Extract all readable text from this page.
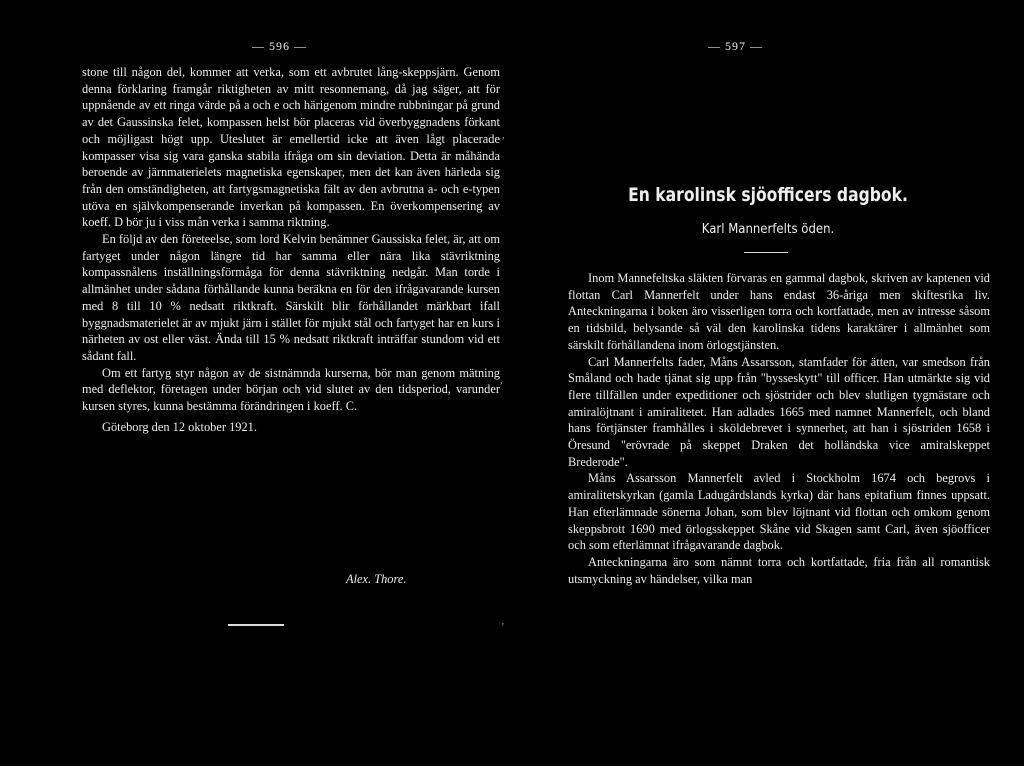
— 596 —

stone till någon del, kommer att verka, som ett avbrutet lång-skeppsjärn. Genom denna förklaring framgår riktigheten av mitt resonnemang, då jag säger, att för uppnående av ett ringa värde på a och e och härigenom mindre rubbningar på grund av det Gaussinska felet, kompassen helst bör placeras vid överbyggnadens förkant och möjligast högt upp. Uteslutet är emellertid icke att även lågt placerade kompasser visa sig vara ganska stabila ifråga om sin deviation. Detta är måhända beroende av järnmaterielets magnetiska egenskaper, men det kan även härleda sig från den omständigheten, att fartygsmagnetiska fält av den avbrutna a- och e-typen utöva en självkompenserande inverkan på kompassen. En överkompensering av koeff. D bör ju i viss mån verka i samma riktning.

En följd av den företeelse, som lord Kelvin benämner Gaussiska felet, är, att om fartyget under någon längre tid har samma eller nära lika stävriktning kompassnålens inställningsförmåga för denna stävriktning nedgår. Man torde i allmänhet under sådana förhållande kunna beräkna en för den ifrågavarande kursen med 8 till 10 % nedsatt riktkraft. Särskilt blir förhållandet märkbart ifall byggnadsmaterielet är av mjukt järn i stället för mjukt stål och fartyget har en kurs i närheten av ost eller väst. Ända till 15 % nedsatt riktkraft inträffar stundom vid ett sådant fall.

Om ett fartyg styr någon av de sistnämnda kurserna, bör man genom mätning med deflektor, företagen under början och vid slutet av den tidsperiod, varunder kursen styres, kunna bestämma förändringen i koeff. C.

Göteborg den 12 oktober 1921.

Alex. Thore.
— 597 —
En karolinsk sjöofficers dagbok.
Karl Mannerfelts öden.

Inom Mannefeltska släkten förvaras en gammal dagbok, skriven av kaptenen vid flottan Carl Mannerfelt under hans endast 36-åriga men skiftesrika liv. Anteckningarna i boken äro visserligen torra och kortfattade, men av intresse såsom en tidsbild, belysande så väl den karolinska tidens karaktärer i allmänhet som särskilt förhållandena inom örlogstjänsten.

Carl Mannerfelts fader, Måns Assarsson, stamfader för ätten, var smedson från Småland och hade tjänat sig upp från "bysseskytt" till officer. Han utmärkte sig vid flere tillfällen under expeditioner och sjöstrider och blev slutligen tygmästare och amiralöjtnant i amiralitetet. Han adlades 1665 med namnet Mannerfelt, och bland hans förtjänster framhålles i sköldebrevet i synnerhet, att han i sjöstriden 1658 i Öresund "erövrade på skeppet Draken det holländska vice amiralskeppet Brederode".

Måns Assarsson Mannerfelt avled i Stockholm 1674 och begrovs i amiralitetskyrkan (gamla Ladugårdslands kyrka) där hans epitafium finnes uppsatt. Han efterlämnade sönerna Johan, som blev löjtnant vid flottan och omkom genom skeppsbrott 1690 med örlogsskeppet Skåne vid Skagen samt Carl, även sjöofficer och som efterlämnat ifrågavarande dagbok.

Anteckningarna äro som nämnt torra och kortfattade, fria från all romantisk utsmyckning av händelser, vilka man

,
,
'
